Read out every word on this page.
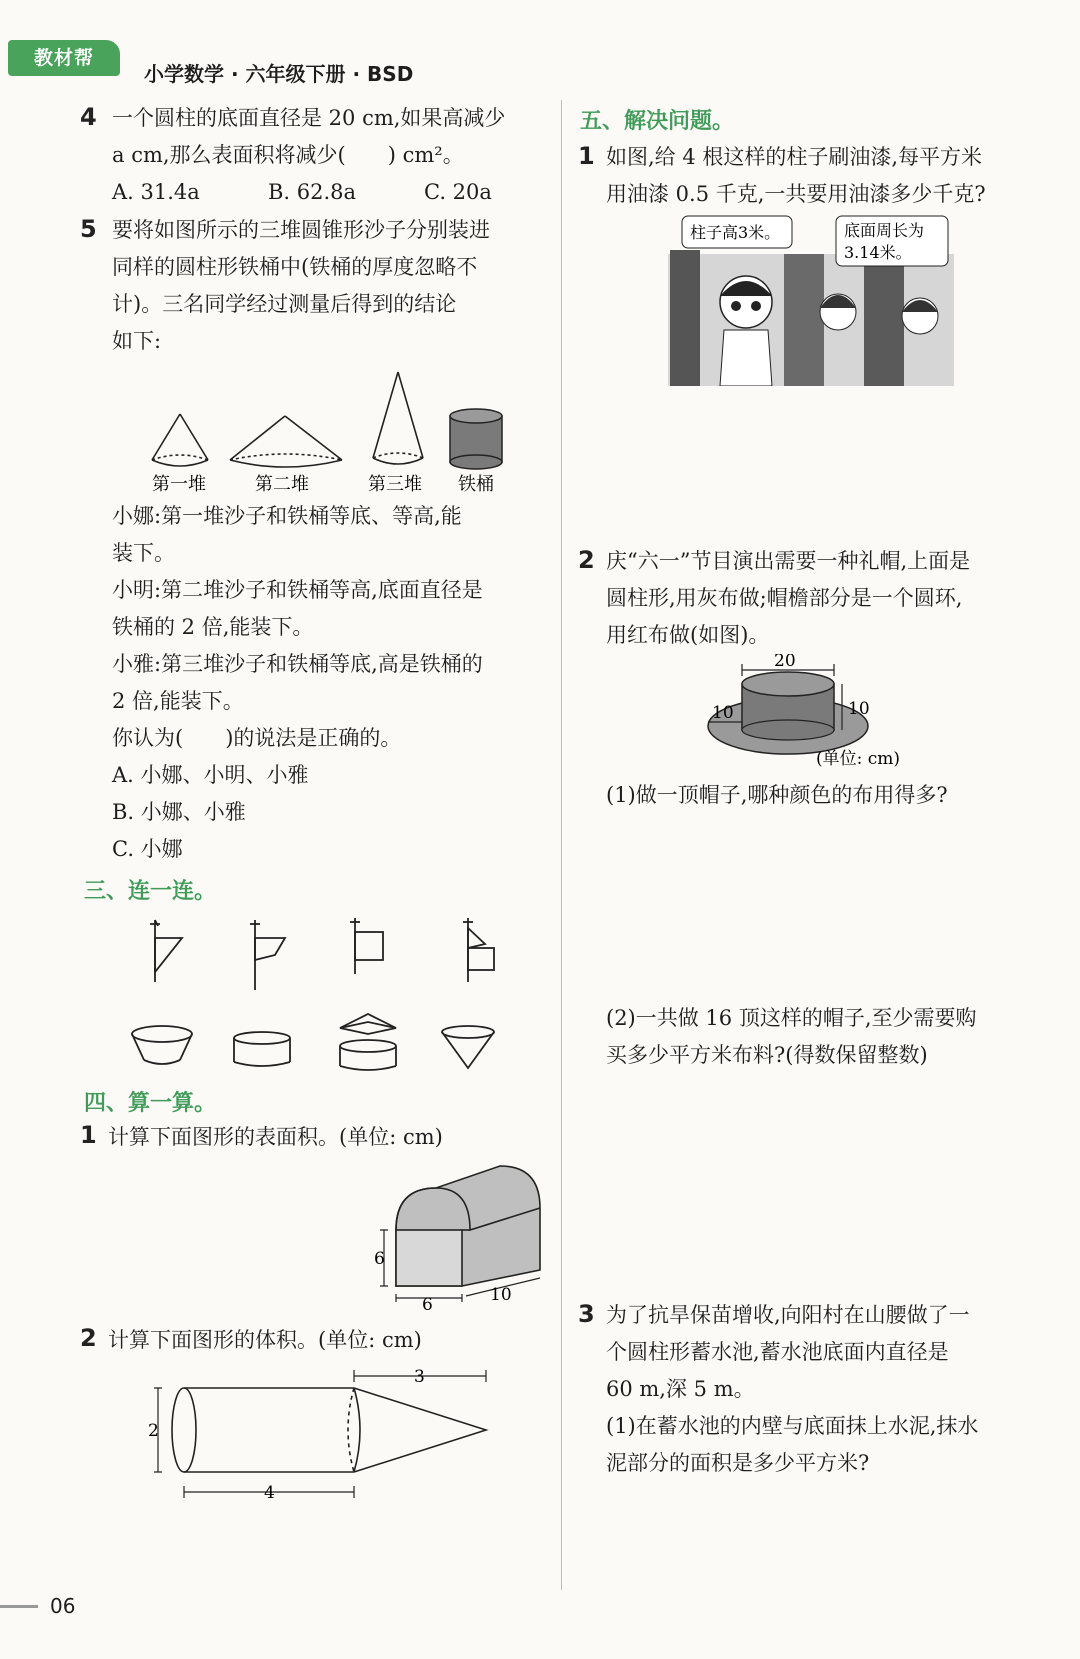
教材帮
小学数学 · 六年级下册 · BSD
4 一个圆柱的底面直径是 20 cm,如果高减少
a cm,那么表面积将减少(　　) cm²。
A. 31.4a	B. 62.8a	C. 20a
5 要将如图所示的三堆圆锥形沙子分别装进
同样的圆柱形铁桶中(铁桶的厚度忽略不
计)。三名同学经过测量后得到的结论
如下:
第一堆	第二堆	第三堆 铁桶
小娜:第一堆沙子和铁桶等底、等高,能
装下。
小明:第二堆沙子和铁桶等高,底面直径是
铁桶的 2 倍,能装下。
小雅:第三堆沙子和铁桶等底,高是铁桶的
2 倍,能装下。
你认为(　　)的说法是正确的。
A. 小娜、小明、小雅
B. 小娜、小雅
C. 小娜
三、连一连。
四、算一算。
1 计算下面图形的表面积。(单位: cm)
6
6	10
2 计算下面图形的体积。(单位: cm)
2
4
3
五、解决问题。
1 如图,给 4 根这样的柱子刷油漆,每平方米
用油漆 0.5 千克,一共要用油漆多少千克?
柱子高3米。	底面周长为
3.14米。
2 庆“六一”节目演出需要一种礼帽,上面是
圆柱形,用灰布做;帽檐部分是一个圆环,
用红布做(如图)。
20
10	10
(单位: cm)
(1)做一顶帽子,哪种颜色的布用得多?
(2)一共做 16 顶这样的帽子,至少需要购
买多少平方米布料?(得数保留整数)
3 为了抗旱保苗增收,向阳村在山腰做了一
个圆柱形蓄水池,蓄水池底面内直径是
60 m,深 5 m。
(1)在蓄水池的内壁与底面抹上水泥,抹水
泥部分的面积是多少平方米?
06
